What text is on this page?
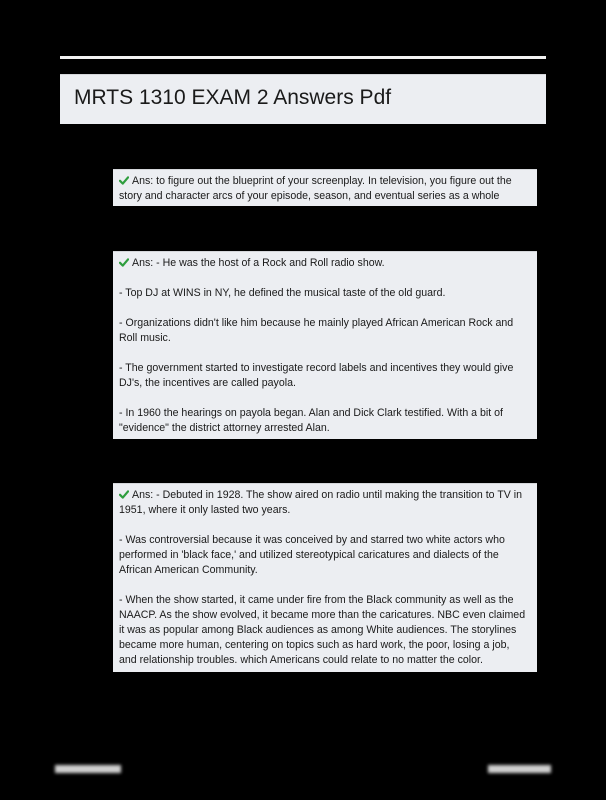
MRTS 1310 EXAM 2 Answers Pdf

Ans: to figure out the blueprint of your screenplay. In television, you figure out the story and character arcs of your episode, season, and eventual series as a whole

Ans: - He was the host of a Rock and Roll radio show.

- Top DJ at WINS in NY, he defined the musical taste of the old guard.

- Organizations didn't like him because he mainly played African American Rock and Roll music.

- The government started to investigate record labels and incentives they would give DJ's, the incentives are called payola.

- In 1960 the hearings on payola began. Alan and Dick Clark testified. With a bit of "evidence" the district attorney arrested Alan.

Ans: - Debuted in 1928. The show aired on radio until making the transition to TV in 1951, where it only lasted two years.

- Was controversial because it was conceived by and starred two white actors who performed in 'black face,' and utilized stereotypical caricatures and dialects of the African American Community.

- When the show started, it came under fire from the Black community as well as the NAACP. As the show evolved, it became more than the caricatures. NBC even claimed it was as popular among Black audiences as among White audiences. The storylines became more human, centering on topics such as hard work, the poor, losing a job, and relationship troubles. which Americans could relate to no matter the color.
